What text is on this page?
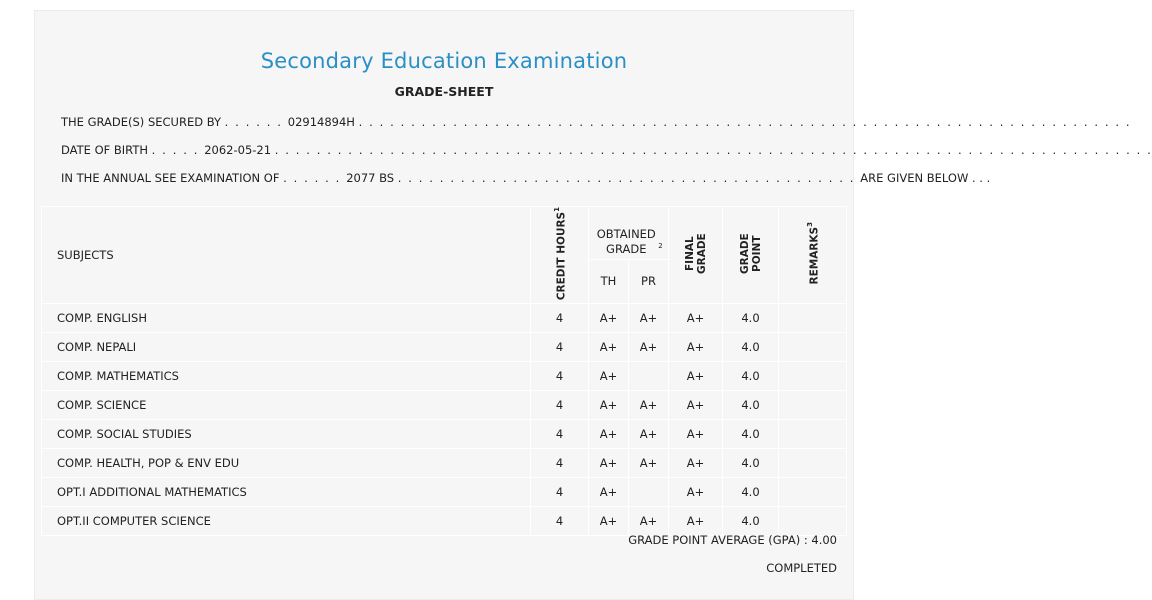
Secondary Education Examination
GRADE-SHEET
THE GRADE(S) SECURED BY . . . . . . 02914894H . . . . . . . . . . . . . . . . . . . . . . . . . . . . . . . . . . . . . . . . . . . . . . . . . . . . . . . . . . . . . . . . . . . . . . . . . .
DATE OF BIRTH . . . . . 2062-05-21 . . . . . . . . . . . . . . . . . . . . . . . . . . . . . . . . . . . . . . . . . . . . . . . . . . . . . . . . . . . . . . . . . . . . . . . . . . . . . . . . . . . .
IN THE ANNUAL SEE EXAMINATION OF . . . . . . 2077 BS . . . . . . . . . . . . . . . . . . . . . . . . . . . . . . . . . . . . . . . . . . . . ARE GIVEN BELOW . . .
SUBJECTS	CREDIT HOURS$^1$	OBTAINED GRADE $^2$		FINAL GRADE	GRADE POINT	REMARKS$^3$
		TH	PR			
COMP. ENGLISH	4	A+	A+	A+	4.0	
COMP. NEPALI	4	A+	A+	A+	4.0	
COMP. MATHEMATICS	4	A+		A+	4.0	
COMP. SCIENCE	4	A+	A+	A+	4.0	
COMP. SOCIAL STUDIES	4	A+	A+	A+	4.0	
COMP. HEALTH, POP & ENV EDU	4	A+	A+	A+	4.0	
OPT.I ADDITIONAL MATHEMATICS	4	A+		A+	4.0	
OPT.II COMPUTER SCIENCE	4	A+	A+	A+	4.0	
GRADE POINT AVERAGE (GPA) : 4.00
COMPLETED
